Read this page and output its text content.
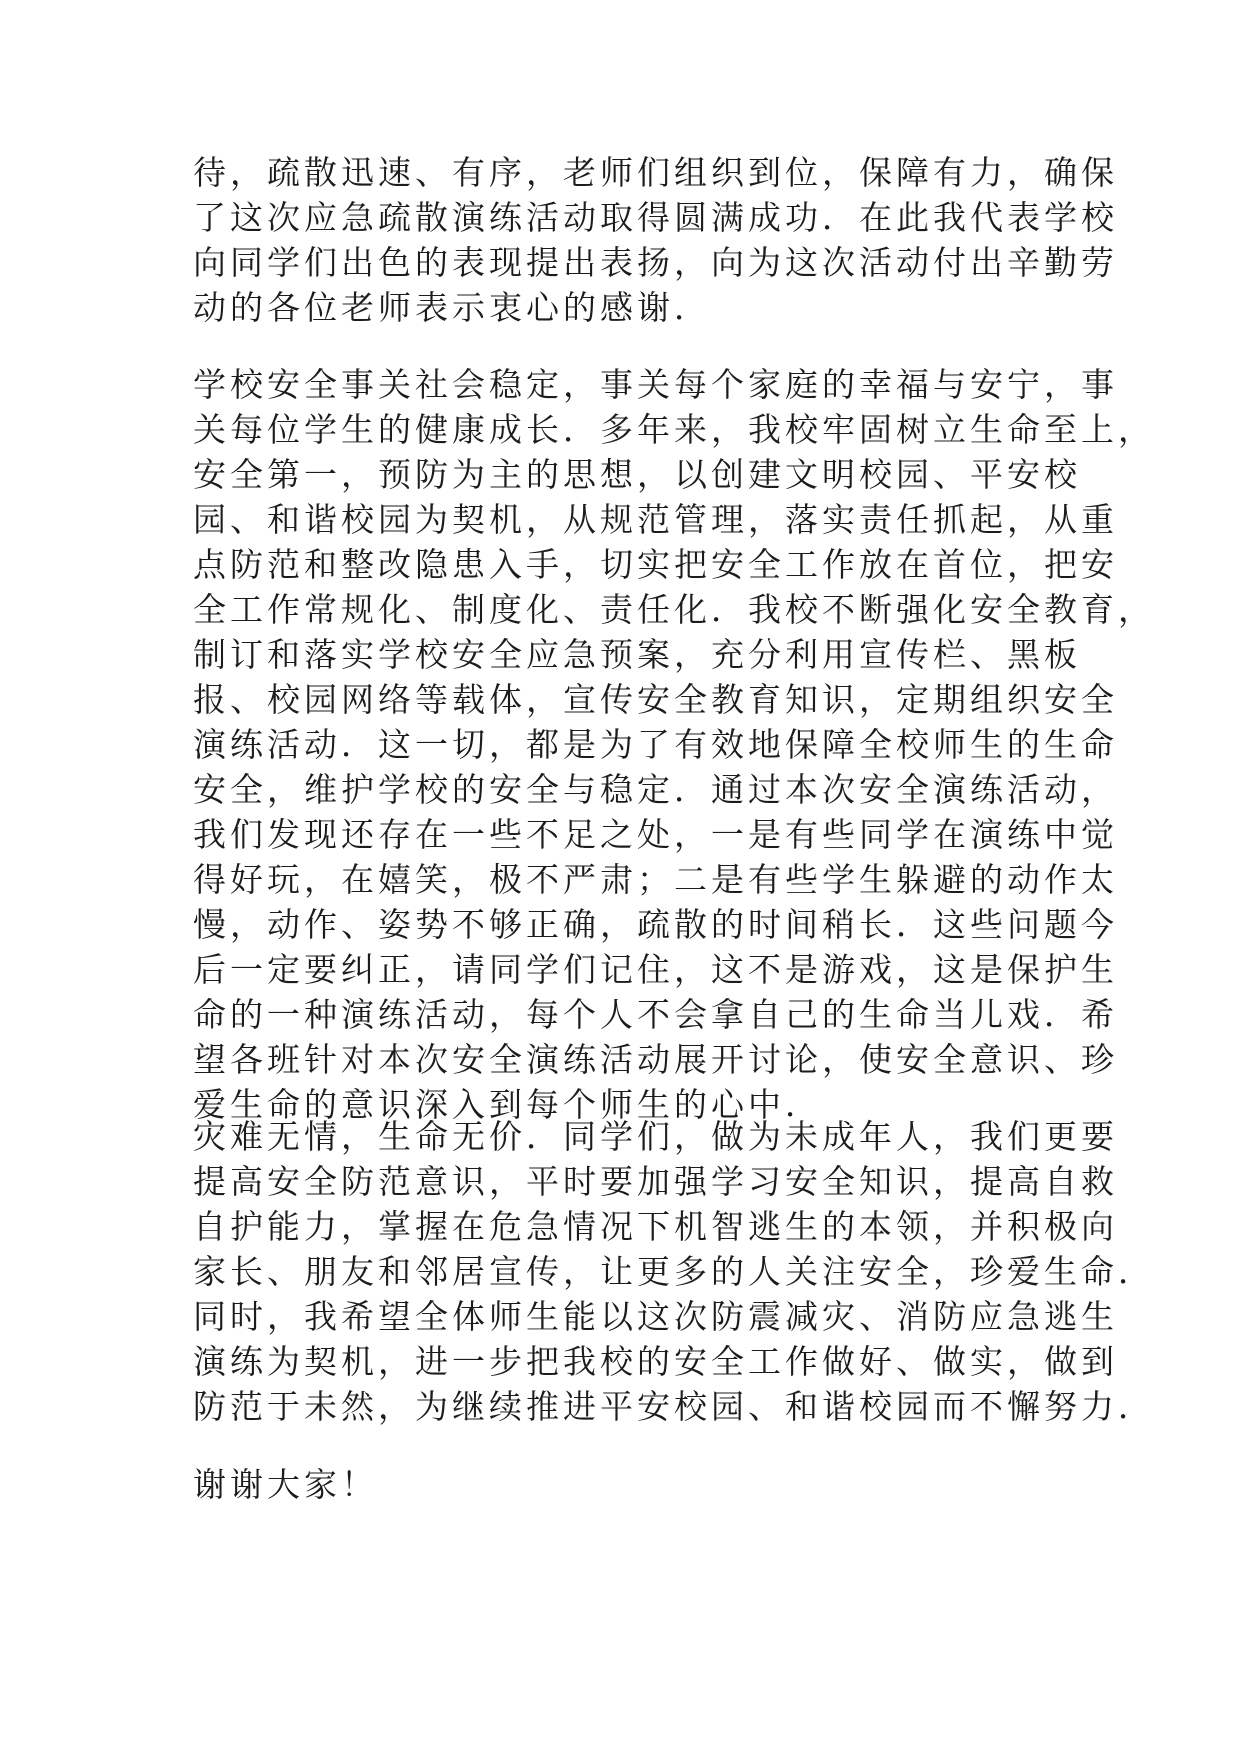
待，疏散迅速、有序，老师们组织到位，保障有力，确保
了这次应急疏散演练活动取得圆满成功．在此我代表学校
向同学们出色的表现提出表扬，向为这次活动付出辛勤劳
动的各位老师表示衷心的感谢．
学校安全事关社会稳定，事关每个家庭的幸福与安宁，事
关每位学生的健康成长．多年来，我校牢固树立生命至上，
安全第一，预防为主的思想，以创建文明校园、平安校
园、和谐校园为契机，从规范管理，落实责任抓起，从重
点防范和整改隐患入手，切实把安全工作放在首位，把安
全工作常规化、制度化、责任化．我校不断强化安全教育，
制订和落实学校安全应急预案，充分利用宣传栏、黑板
报、校园网络等载体，宣传安全教育知识，定期组织安全
演练活动．这一切，都是为了有效地保障全校师生的生命
安全，维护学校的安全与稳定．通过本次安全演练活动，
我们发现还存在一些不足之处，一是有些同学在演练中觉
得好玩，在嬉笑，极不严肃；二是有些学生躲避的动作太
慢，动作、姿势不够正确，疏散的时间稍长．这些问题今
后一定要纠正，请同学们记住，这不是游戏，这是保护生
命的一种演练活动，每个人不会拿自己的生命当儿戏．希
望各班针对本次安全演练活动展开讨论，使安全意识、珍
爱生命的意识深入到每个师生的心中．
灾难无情，生命无价．同学们，做为未成年人，我们更要
提高安全防范意识，平时要加强学习安全知识，提高自救
自护能力，掌握在危急情况下机智逃生的本领，并积极向
家长、朋友和邻居宣传，让更多的人关注安全，珍爱生命．
同时，我希望全体师生能以这次防震减灾、消防应急逃生
演练为契机，进一步把我校的安全工作做好、做实，做到
防范于未然，为继续推进平安校园、和谐校园而不懈努力．
谢谢大家！
